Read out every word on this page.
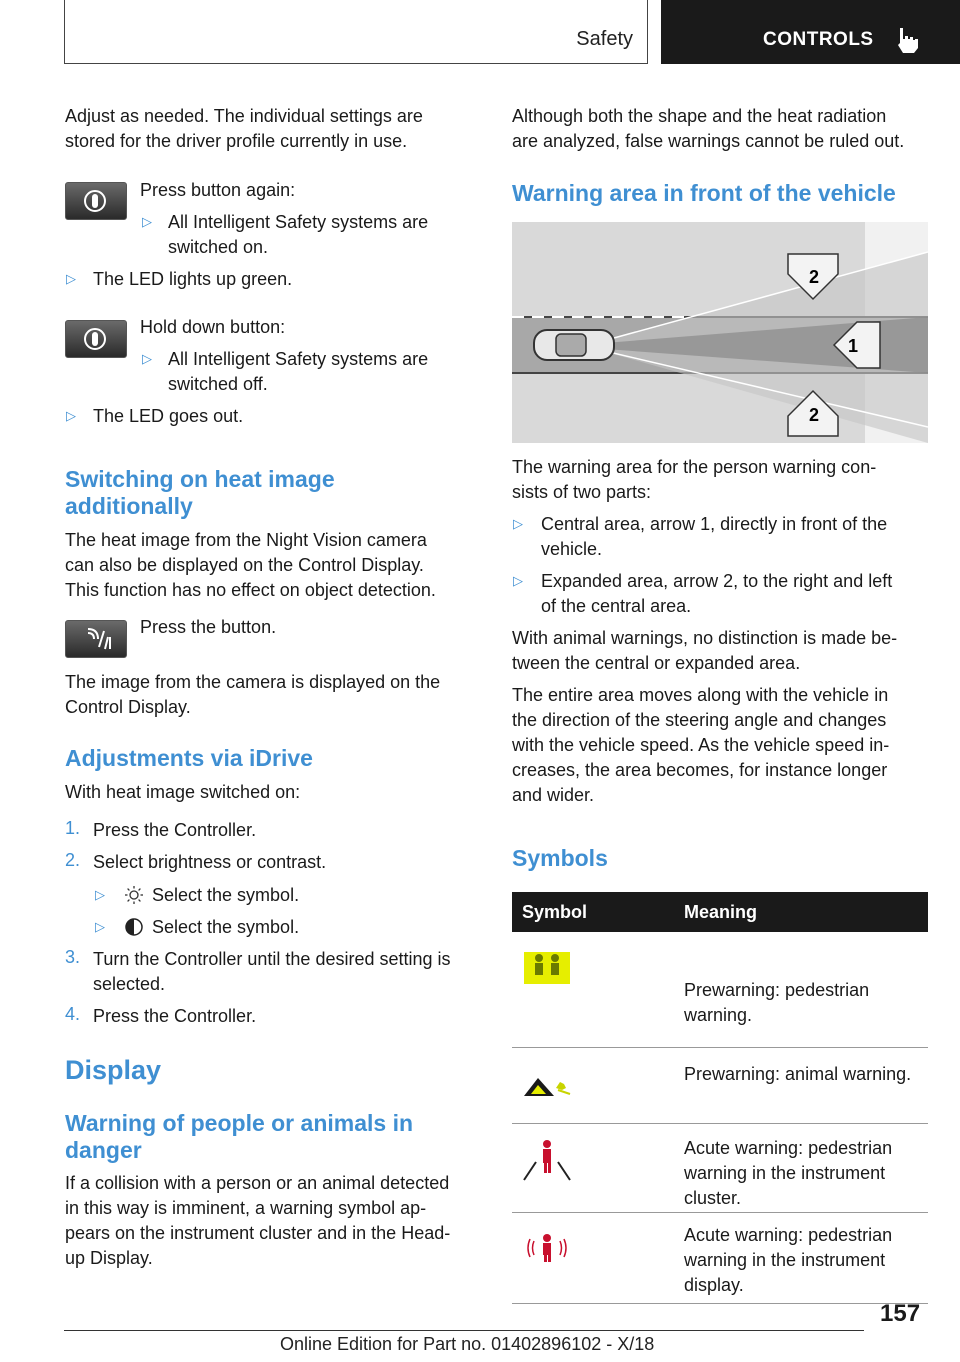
Safety	CONTROLS
Adjust as needed. The individual settings are
stored for the driver profile currently in use.
Press button again:
▷ All Intelligent Safety systems are
switched on.
▷ The LED lights up green.
Hold down button:
▷ All Intelligent Safety systems are
switched off.
▷ The LED goes out.
Switching on heat image
additionally
The heat image from the Night Vision camera
can also be displayed on the Control Display.
This function has no effect on object detection.
Press the button.
The image from the camera is displayed on the
Control Display.
Adjustments via iDrive
With heat image switched on:
1. Press the Controller.
2. Select brightness or contrast.
▷	Select the symbol.
▷	Select the symbol.
3. Turn the Controller until the desired setting is
selected.
4. Press the Controller.
Display
Warning of people or animals in
danger
If a collision with a person or an animal detected
in this way is imminent, a warning symbol ap-
pears on the instrument cluster and in the Head-
up Display.
Although both the shape and the heat radiation
are analyzed, false warnings cannot be ruled out.
Warning area in front of the vehicle
2
1
2
The warning area for the person warning con-
sists of two parts:
▷ Central area, arrow 1, directly in front of the
vehicle.
▷ Expanded area, arrow 2, to the right and left
of the central area.
With animal warnings, no distinction is made be-
tween the central or expanded area.
The entire area moves along with the vehicle in
the direction of the steering angle and changes
with the vehicle speed. As the vehicle speed in-
creases, the area becomes, for instance longer
and wider.
Symbols
Symbol	Meaning

Prewarning: pedestrian
warning.

Prewarning: animal warning.

Acute warning: pedestrian
warning in the instrument
cluster.

Acute warning: pedestrian
warning in the instrument
display.
157
Online Edition for Part no. 01402896102 - X/18
